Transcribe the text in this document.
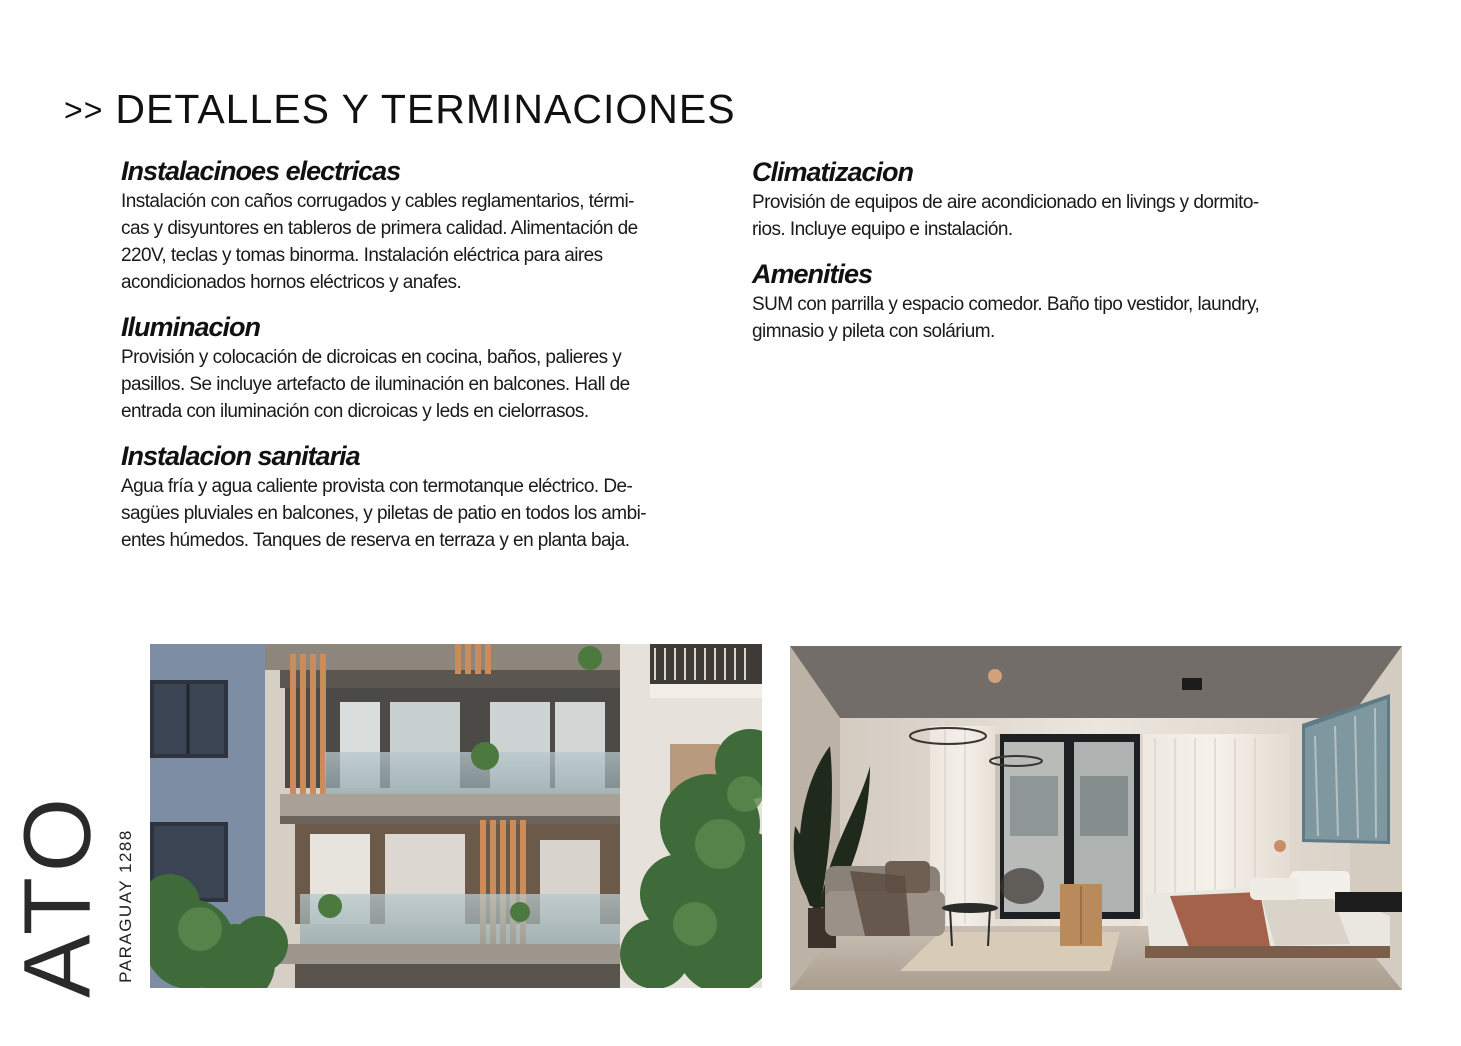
>> DETALLES Y TERMINACIONES
Instalacinoes electricas

Instalación con caños corrugados y cables reglamentarios, térmi-
cas y disyuntores en tableros de primera calidad. Alimentación de
220V, teclas y tomas binorma. Instalación eléctrica para aires
acondicionados hornos eléctricos y anafes.

Iluminacion

Provisión y colocación de dicroicas en cocina, baños, palieres y
pasillos. Se incluye artefacto de iluminación en balcones. Hall de
entrada con iluminación con dicroicas y leds en cielorrasos.

Instalacion sanitaria

Agua fría y agua caliente provista con termotanque eléctrico. De-
sagües pluviales en balcones, y piletas de patio en todos los ambi-
entes húmedos. Tanques de reserva en terraza y en planta baja.

Climatizacion

Provisión de equipos de aire acondicionado en livings y dormito-
rios. Incluye equipo e instalación.

Amenities

SUM con parrilla y espacio comedor. Baño tipo vestidor, laundry,
gimnasio y pileta con solárium.

ATO PARAGUAY 1288
